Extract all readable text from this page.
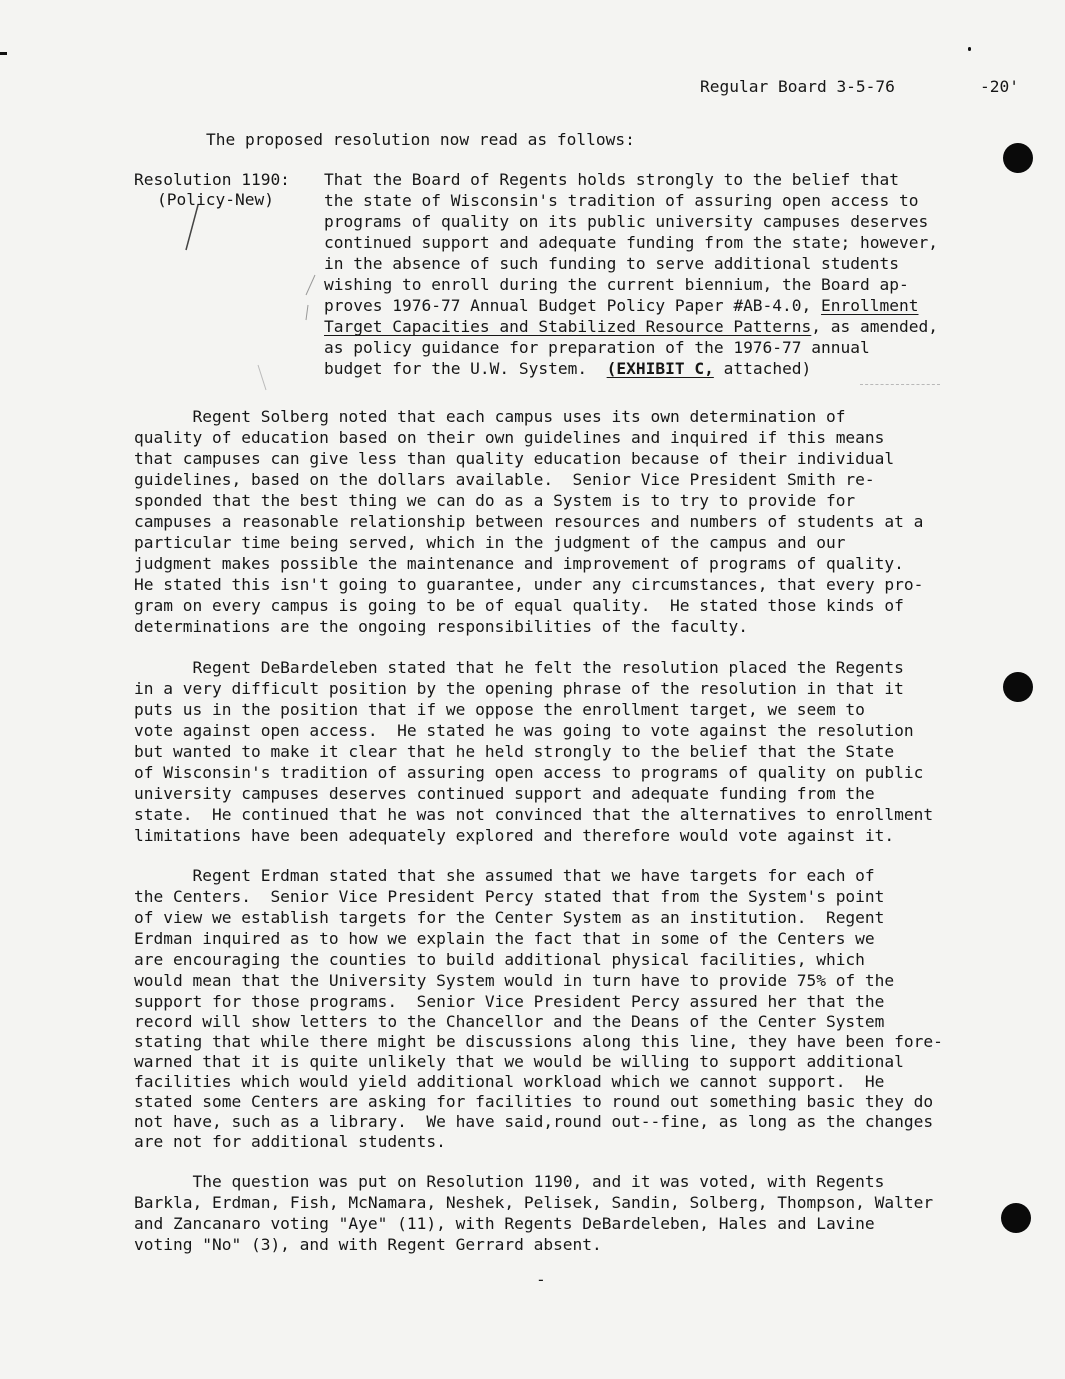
Regular Board 3-5-76	-20'
The proposed resolution now read as follows:
Resolution 1190:
(Policy-New)
That the Board of Regents holds strongly to the belief that
the state of Wisconsin's tradition of assuring open access to
programs of quality on its public university campuses deserves
continued support and adequate funding from the state; however,
in the absence of such funding to serve additional students
wishing to enroll during the current biennium, the Board ap-
proves 1976-77 Annual Budget Policy Paper #AB-4.0, Enrollment
Target Capacities and Stabilized Resource Patterns, as amended,
as policy guidance for preparation of the 1976-77 annual
budget for the U.W. System.  (EXHIBIT C, attached)
Regent Solberg noted that each campus uses its own determination of
quality of education based on their own guidelines and inquired if this means
that campuses can give less than quality education because of their individual
guidelines, based on the dollars available.  Senior Vice President Smith re-
sponded that the best thing we can do as a System is to try to provide for
campuses a reasonable relationship between resources and numbers of students at a
particular time being served, which in the judgment of the campus and our
judgment makes possible the maintenance and improvement of programs of quality.
He stated this isn't going to guarantee, under any circumstances, that every pro-
gram on every campus is going to be of equal quality.  He stated those kinds of
determinations are the ongoing responsibilities of the faculty.
Regent DeBardeleben stated that he felt the resolution placed the Regents
in a very difficult position by the opening phrase of the resolution in that it
puts us in the position that if we oppose the enrollment target, we seem to
vote against open access.  He stated he was going to vote against the resolution
but wanted to make it clear that he held strongly to the belief that the State
of Wisconsin's tradition of assuring open access to programs of quality on public
university campuses deserves continued support and adequate funding from the
state.  He continued that he was not convinced that the alternatives to enrollment
limitations have been adequately explored and therefore would vote against it.
Regent Erdman stated that she assumed that we have targets for each of
the Centers.  Senior Vice President Percy stated that from the System's point
of view we establish targets for the Center System as an institution.  Regent
Erdman inquired as to how we explain the fact that in some of the Centers we
are encouraging the counties to build additional physical facilities, which
would mean that the University System would in turn have to provide 75% of the
support for those programs.  Senior Vice President Percy assured her that the
record will show letters to the Chancellor and the Deans of the Center System
stating that while there might be discussions along this line, they have been fore-
warned that it is quite unlikely that we would be willing to support additional
facilities which would yield additional workload which we cannot support.  He
stated some Centers are asking for facilities to round out something basic they do
not have, such as a library.  We have said,round out--fine, as long as the changes
are not for additional students.
The question was put on Resolution 1190, and it was voted, with Regents
Barkla, Erdman, Fish, McNamara, Neshek, Pelisek, Sandin, Solberg, Thompson, Walter
and Zancanaro voting "Aye" (11), with Regents DeBardeleben, Hales and Lavine
voting "No" (3), and with Regent Gerrard absent.
-
